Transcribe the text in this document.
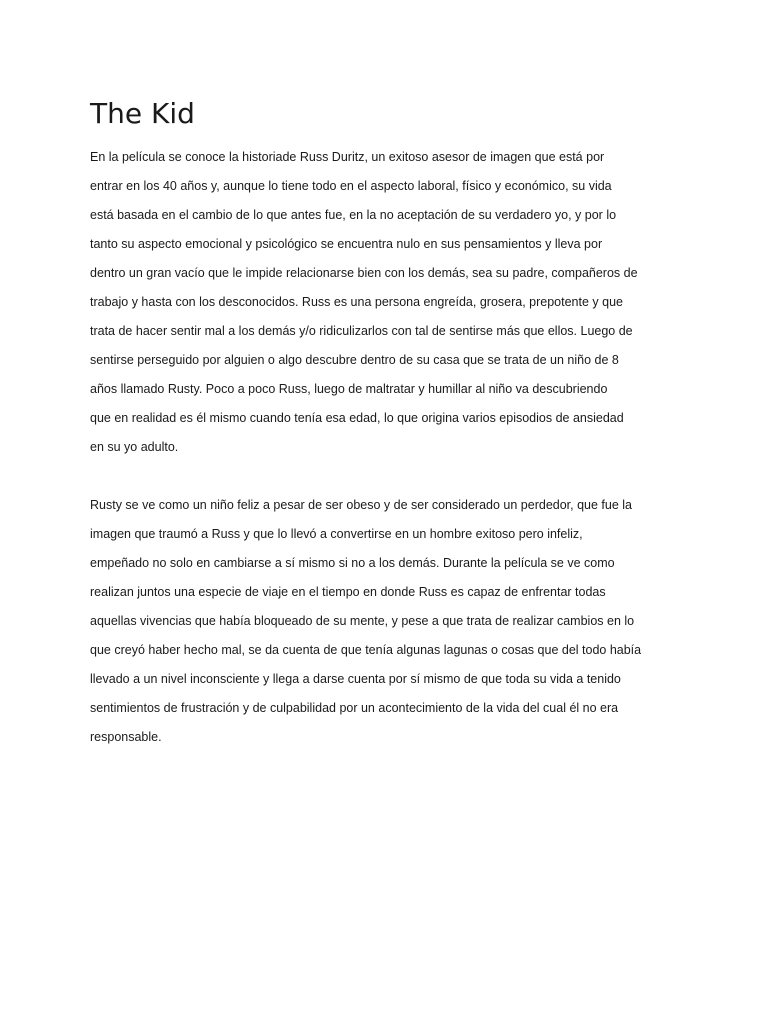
The Kid

En la película se conoce la historiade Russ Duritz, un exitoso asesor de imagen que está por
entrar en los 40 años y, aunque lo tiene todo en el aspecto laboral, físico y económico, su vida
está basada en el cambio de lo que antes fue, en la no aceptación de su verdadero yo, y por lo
tanto su aspecto emocional y psicológico se encuentra nulo en sus pensamientos y lleva por
dentro un gran vacío que le impide relacionarse bien con los demás, sea su padre, compañeros de
trabajo y hasta con los desconocidos. Russ es una persona engreída, grosera, prepotente y que
trata de hacer sentir mal a los demás y/o ridiculizarlos con tal de sentirse más que ellos. Luego de
sentirse perseguido por alguien o algo descubre dentro de su casa que se trata de un niño de 8
años llamado Rusty. Poco a poco Russ, luego de maltratar y humillar al niño va descubriendo
que en realidad es él mismo cuando tenía esa edad, lo que origina varios episodios de ansiedad
en su yo adulto.

Rusty se ve como un niño feliz a pesar de ser obeso y de ser considerado un perdedor, que fue la
imagen que traumó a Russ y que lo llevó a convertirse en un hombre exitoso pero infeliz,
empeñado no solo en cambiarse a sí mismo si no a los demás. Durante la película se ve como
realizan juntos una especie de viaje en el tiempo en donde Russ es capaz de enfrentar todas
aquellas vivencias que había bloqueado de su mente, y pese a que trata de realizar cambios en lo
que creyó haber hecho mal, se da cuenta de que tenía algunas lagunas o cosas que del todo había
llevado a un nivel inconsciente y llega a darse cuenta por sí mismo de que toda su vida a tenido
sentimientos de frustración y de culpabilidad por un acontecimiento de la vida del cual él no era
responsable.
